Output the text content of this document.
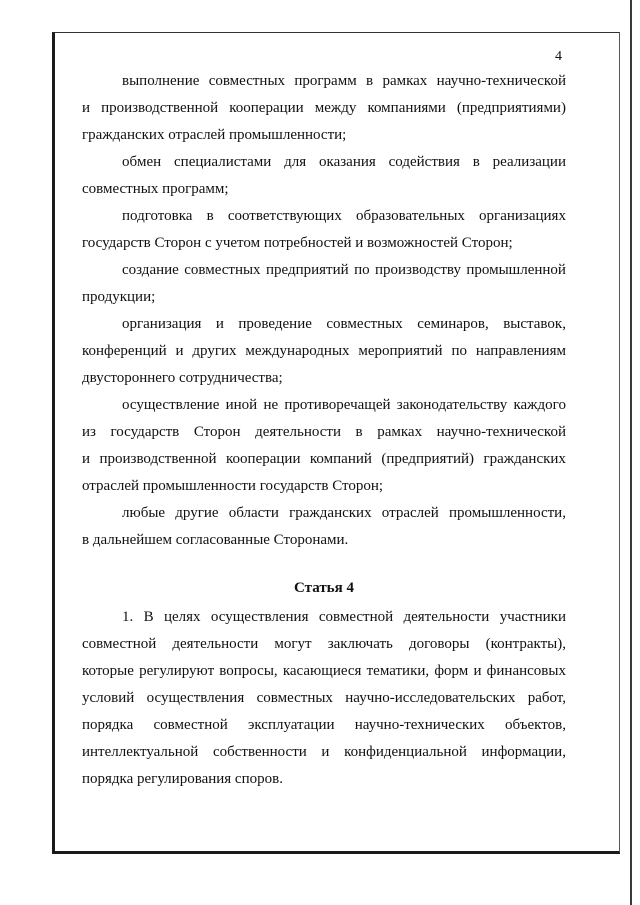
4
выполнение совместных программ в рамках научно-технической
и производственной кооперации между компаниями (предприятиями)
гражданских отраслей промышленности;
обмен специалистами для оказания содействия в реализации
совместных программ;
подготовка в соответствующих образовательных организациях
государств Сторон с учетом потребностей и возможностей Сторон;
создание совместных предприятий по производству промышленной
продукции;
организация и проведение совместных семинаров, выставок,
конференций и других международных мероприятий по направлениям
двустороннего сотрудничества;
осуществление иной не противоречащей законодательству каждого
из государств Сторон деятельности в рамках научно-технической
и производственной кооперации компаний (предприятий) гражданских
отраслей промышленности государств Сторон;
любые другие области гражданских отраслей промышленности,
в дальнейшем согласованные Сторонами.
Статья 4
1. В целях осуществления совместной деятельности участники
совместной деятельности могут заключать договоры (контракты),
которые регулируют вопросы, касающиеся тематики, форм и финансовых
условий осуществления совместных научно-исследовательских работ,
порядка совместной эксплуатации научно-технических объектов,
интеллектуальной собственности и конфиденциальной информации,
порядка регулирования споров.
